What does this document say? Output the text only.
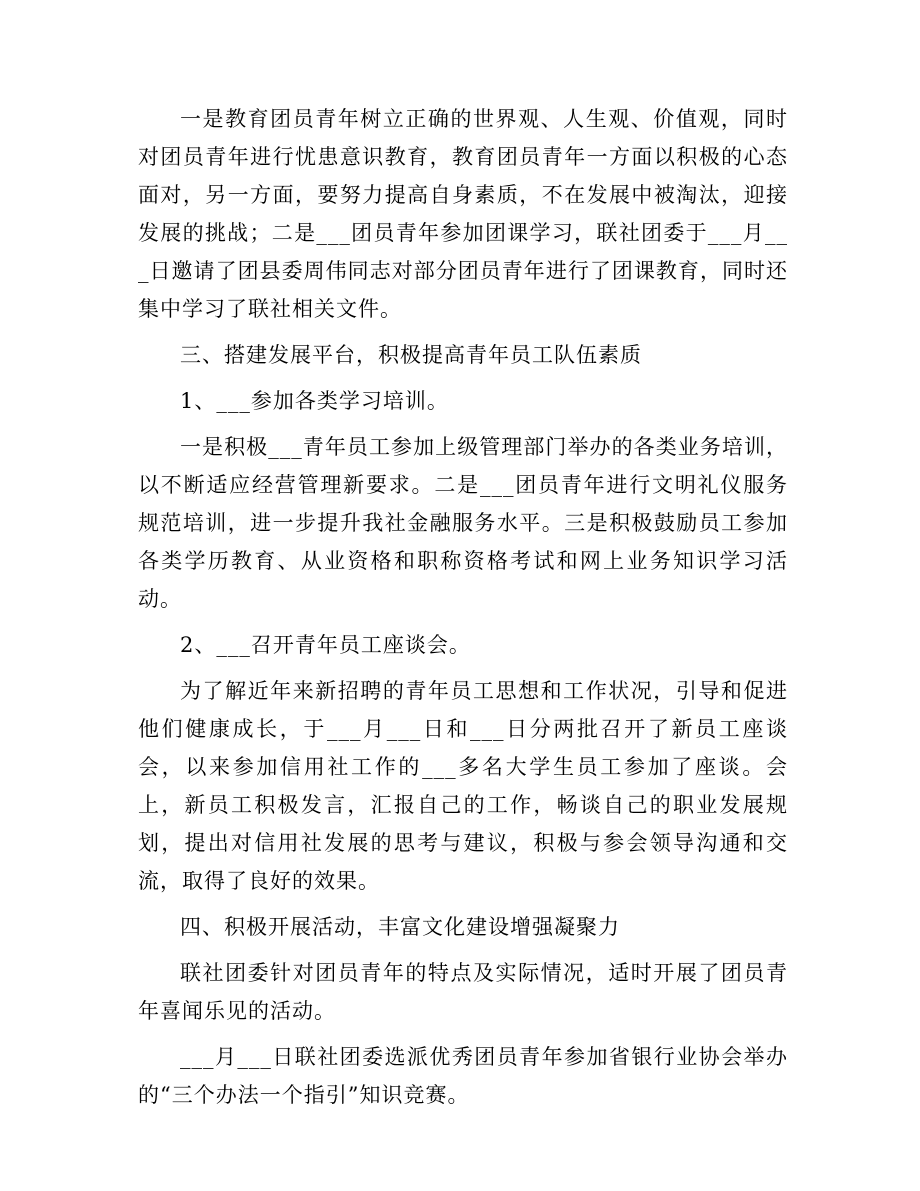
一是教育团员青年树立正确的世界观、人生观、价值观，同时对团员青年进行忧患意识教育，教育团员青年一方面以积极的心态面对，另一方面，要努力提高自身素质，不在发展中被淘汰，迎接发展的挑战；二是___团员青年参加团课学习，联社团委于___月___日邀请了团县委周伟同志对部分团员青年进行了团课教育，同时还集中学习了联社相关文件。

三、搭建发展平台，积极提高青年员工队伍素质

1、___参加各类学习培训。

一是积极___青年员工参加上级管理部门举办的各类业务培训，以不断适应经营管理新要求。二是___团员青年进行文明礼仪服务规范培训，进一步提升我社金融服务水平。三是积极鼓励员工参加各类学历教育、从业资格和职称资格考试和网上业务知识学习活动。

2、___召开青年员工座谈会。

为了解近年来新招聘的青年员工思想和工作状况，引导和促进他们健康成长，于___月___日和___日分两批召开了新员工座谈会，以来参加信用社工作的___多名大学生员工参加了座谈。会上，新员工积极发言，汇报自己的工作，畅谈自己的职业发展规划，提出对信用社发展的思考与建议，积极与参会领导沟通和交流，取得了良好的效果。

四、积极开展活动，丰富文化建设增强凝聚力

联社团委针对团员青年的特点及实际情况，适时开展了团员青年喜闻乐见的活动。

___月___日联社团委选派优秀团员青年参加省银行业协会举办的“三个办法一个指引”知识竞赛。
